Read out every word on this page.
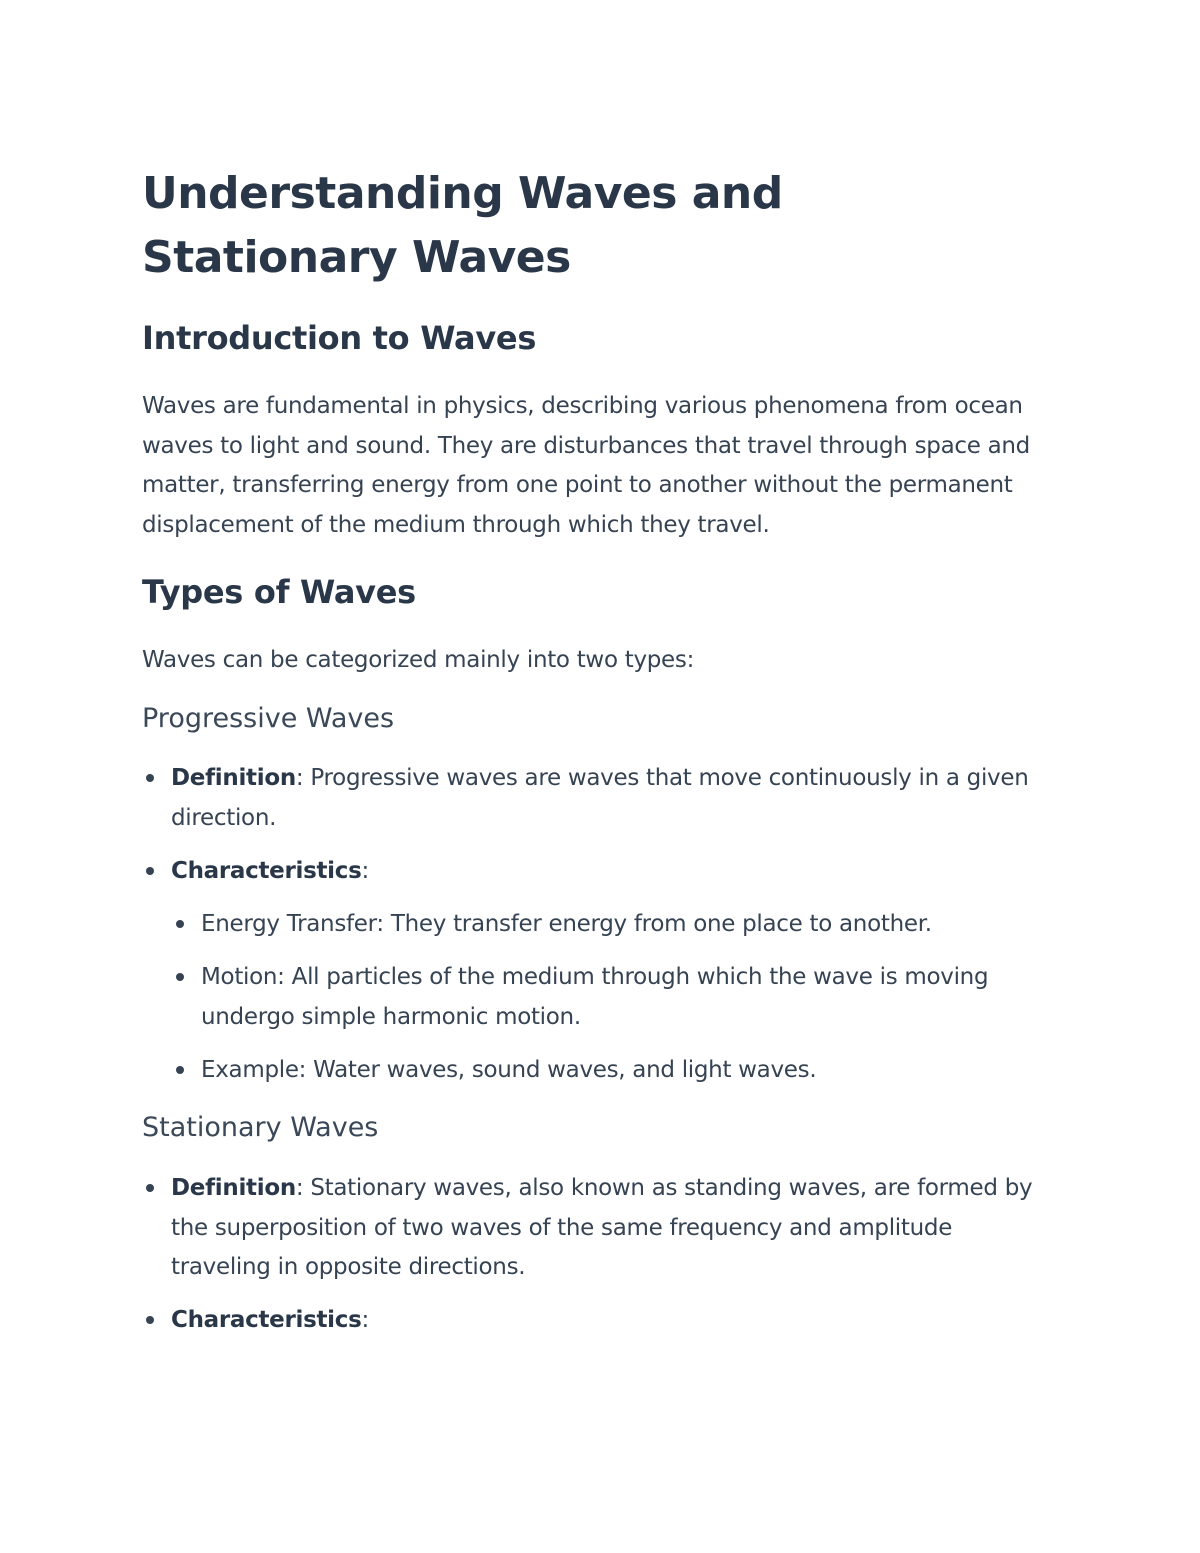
Understanding Waves and Stationary Waves
Introduction to Waves

Waves are fundamental in physics, describing various phenomena from ocean waves to light and sound. They are disturbances that travel through space and matter, transferring energy from one point to another without the permanent displacement of the medium through which they travel.

Types of Waves

Waves can be categorized mainly into two types:

Progressive Waves
Definition: Progressive waves are waves that move continuously in a given direction.
Characteristics:
Energy Transfer: They transfer energy from one place to another.
Motion: All particles of the medium through which the wave is moving undergo simple harmonic motion.
Example: Water waves, sound waves, and light waves.
Stationary Waves
Definition: Stationary waves, also known as standing waves, are formed by the superposition of two waves of the same frequency and amplitude traveling in opposite directions.
Characteristics:
